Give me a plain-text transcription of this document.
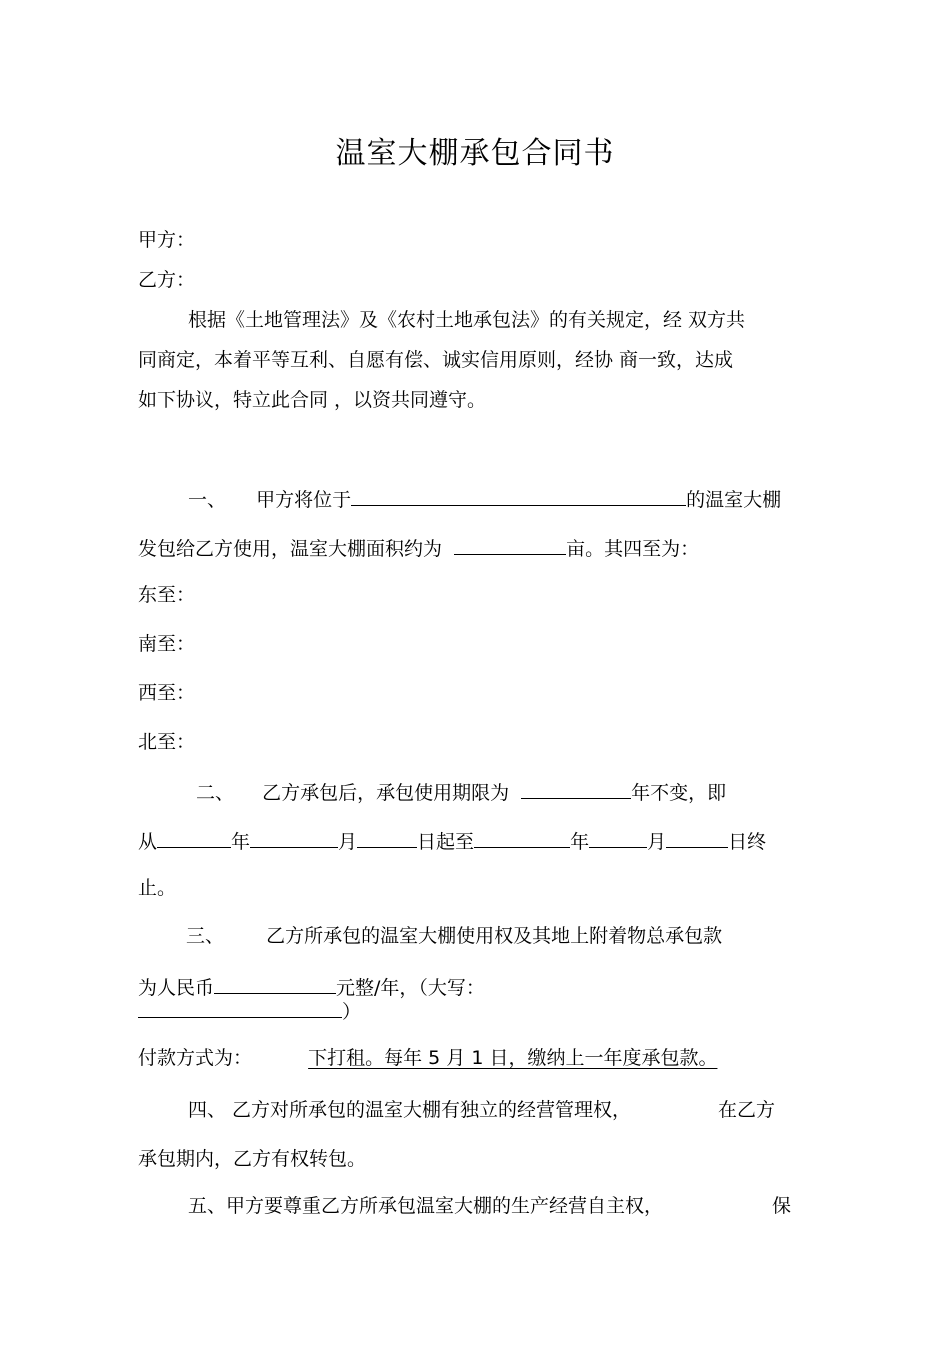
温室大棚承包合同书
甲方：
乙方：
根据《土地管理法》及《农村土地承包法》的有关规定，经 双方共
同商定，本着平等互利、自愿有偿、诚实信用原则，经协 商一致，达成
如下协议，特立此合同 ，以资共同遵守。
一、 甲方将位于	的温室大棚
发包给乙方使用，温室大棚面积约为	亩。其四至为：
东至：
南至：
西至：
北至：
二、 乙方承包后，承包使用期限为	年不变，即
从	年	月	日起至	年	月	日终
止。
三、 乙方所承包的温室大棚使用权及其地上附着物总承包款
为人民币	元整/年，（大写：
）
付款方式为：	下打租。每年 5 月 1 日，缴纳上一年度承包款。
四、 乙方对所承包的温室大棚有独立的经营管理权，	在乙方
承包期内，乙方有权转包。
五、甲方要尊重乙方所承包温室大棚的生产经营自主权，	保
